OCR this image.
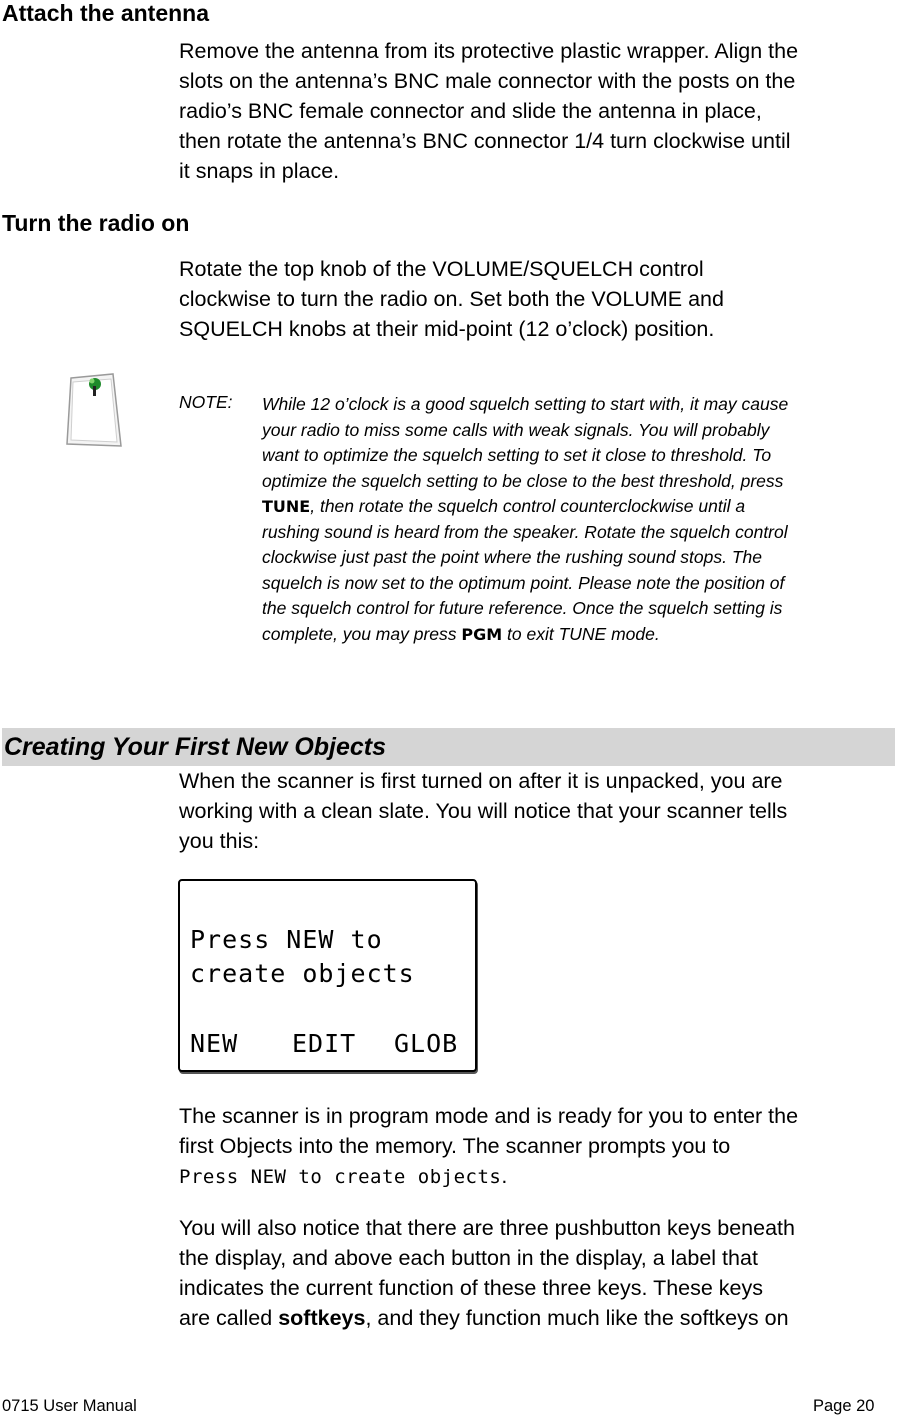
Attach the antenna
Remove the antenna from its protective plastic wrapper. Align the
slots on the antenna’s BNC male connector with the posts on the
radio’s BNC female connector and slide the antenna in place,
then rotate the antenna’s BNC connector 1/4 turn clockwise until
it snaps in place.
Turn the radio on
Rotate the top knob of the VOLUME/SQUELCH control
clockwise to turn the radio on. Set both the VOLUME and
SQUELCH knobs at their mid-point (12 o’clock) position.
NOTE: While 12 o’clock is a good squelch setting to start with, it may cause
your radio to miss some calls with weak signals. You will probably
want to optimize the squelch setting to set it close to threshold. To
optimize the squelch setting to be close to the best threshold, press
TUNE, then rotate the squelch control counterclockwise until a
rushing sound is heard from the speaker. Rotate the squelch control
clockwise just past the point where the rushing sound stops. The
squelch is now set to the optimum point. Please note the position of
the squelch control for future reference. Once the squelch setting is
complete, you may press PGM to exit TUNE mode.
Creating Your First New Objects
When the scanner is first turned on after it is unpacked, you are
working with a clean slate. You will notice that your scanner tells
you this:
Press NEW to
create objects
NEW EDIT GLOB
The scanner is in program mode and is ready for you to enter the
first Objects into the memory. The scanner prompts you to
Press NEW to create objects.
You will also notice that there are three pushbutton keys beneath
the display, and above each button in the display, a label that
indicates the current function of these three keys. These keys
are called softkeys, and they function much like the softkeys on
0715 User Manual	Page 20
